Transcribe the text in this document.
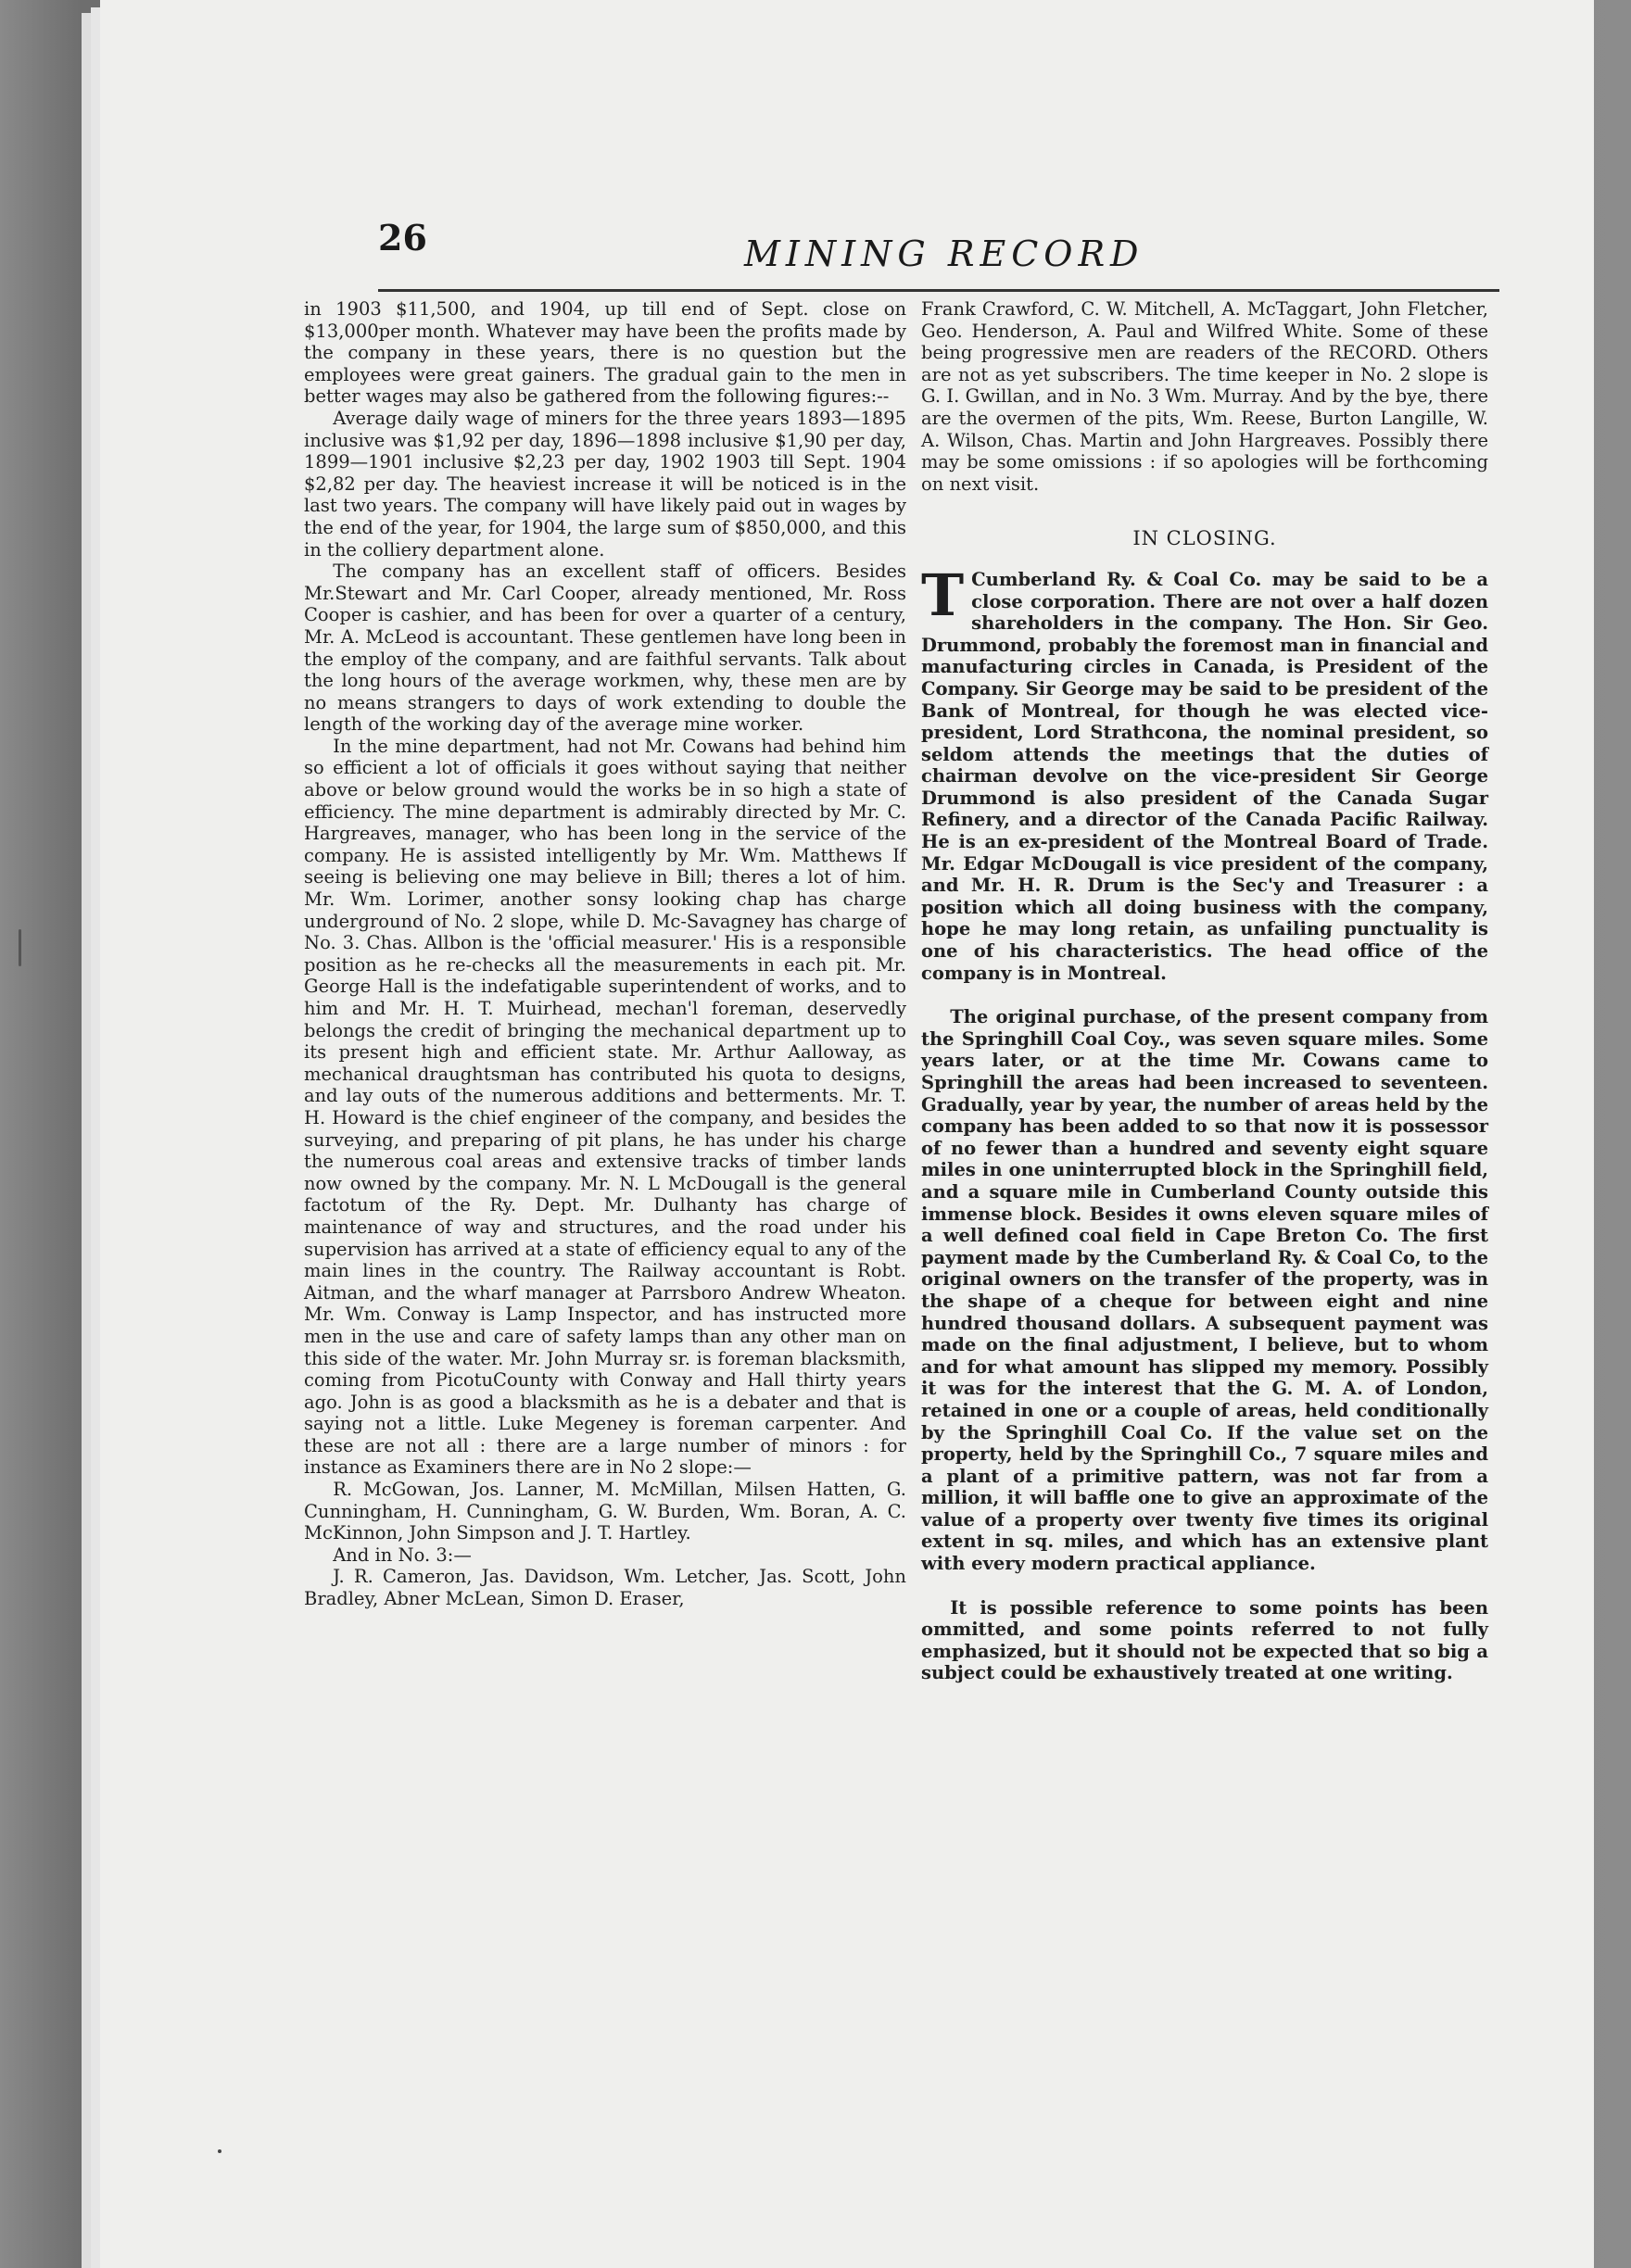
26	MINING RECORD

in 1903 $11,500, and 1904, up till end of Sept. close on $13,000per month. Whatever may have been the profits made by the company in these years, there is no question but the employees were great gainers. The gradual gain to the men in better wages may also be gathered from the following figures:--

Average daily wage of miners for the three years 1893—1895 inclusive was $1,92 per day, 1896—1898 inclusive $1,90 per day, 1899—1901 inclusive $2,23 per day, 1902 1903 till Sept. 1904 $2,82 per day. The heaviest increase it will be noticed is in the last two years. The company will have likely paid out in wages by the end of the year, for 1904, the large sum of $850,000, and this in the colliery department alone.

The company has an excellent staff of officers. Besides Mr.Stewart and Mr. Carl Cooper, already mentioned, Mr. Ross Cooper is cashier, and has been for over a quarter of a century, Mr. A. McLeod is accountant. These gentlemen have long been in the employ of the company, and are faithful servants. Talk about the long hours of the average workmen, why, these men are by no means strangers to days of work extending to double the length of the working day of the average mine worker.

In the mine department, had not Mr. Cowans had behind him so efficient a lot of officials it goes without saying that neither above or below ground would the works be in so high a state of efficiency. The mine department is admirably directed by Mr. C. Hargreaves, manager, who has been long in the service of the company. He is assisted intelligently by Mr. Wm. Matthews If seeing is believing one may believe in Bill; theres a lot of him. Mr. Wm. Lorimer, another sonsy looking chap has charge underground of No. 2 slope, while D. Mc-Savagney has charge of No. 3. Chas. Allbon is the 'official measurer.' His is a responsible position as he re-checks all the measurements in each pit. Mr. George Hall is the indefatigable superintendent of works, and to him and Mr. H. T. Muirhead, mechan'l foreman, deservedly belongs the credit of bringing the mechanical department up to its present high and efficient state. Mr. Arthur Aalloway, as mechanical draughtsman has contributed his quota to designs, and lay outs of the numerous additions and betterments. Mr. T. H. Howard is the chief engineer of the company, and besides the surveying, and preparing of pit plans, he has under his charge the numerous coal areas and extensive tracks of timber lands now owned by the company. Mr. N. L McDougall is the general factotum of the Ry. Dept. Mr. Dulhanty has charge of maintenance of way and structures, and the road under his supervision has arrived at a state of efficiency equal to any of the main lines in the country. The Railway accountant is Robt. Aitman, and the wharf manager at Parrsboro Andrew Wheaton. Mr. Wm. Conway is Lamp Inspector, and has instructed more men in the use and care of safety lamps than any other man on this side of the water. Mr. John Murray sr. is foreman blacksmith, coming from PicotuCounty with Conway and Hall thirty years ago. John is as good a blacksmith as he is a debater and that is saying not a little. Luke Megeney is foreman carpenter. And these are not all : there are a large number of minors : for instance as Examiners there are in No 2 slope:—

R. McGowan, Jos. Lanner, M. McMillan, Milsen Hatten, G. Cunningham, H. Cunningham, G. W. Burden, Wm. Boran, A. C. McKinnon, John Simpson and J. T. Hartley.

And in No. 3:—

J. R. Cameron, Jas. Davidson, Wm. Letcher, Jas. Scott, John Bradley, Abner McLean, Simon D. Eraser,

Frank Crawford, C. W. Mitchell, A. McTaggart, John Fletcher, Geo. Henderson, A. Paul and Wilfred White. Some of these being progressive men are readers of the RECORD. Others are not as yet subscribers. The time keeper in No. 2 slope is G. I. Gwillan, and in No. 3 Wm. Murray. And by the bye, there are the overmen of the pits, Wm. Reese, Burton Langille, W. A. Wilson, Chas. Martin and John Hargreaves. Possibly there may be some omissions : if so apologies will be forthcoming on next visit.

IN CLOSING.

T Cumberland Ry. & Coal Co. may be said to be a close corporation. There are not over a half dozen shareholders in the company. The Hon. Sir Geo. Drummond, probably the foremost man in financial and manufacturing circles in Canada, is President of the Company. Sir George may be said to be president of the Bank of Montreal, for though he was elected vice-president, Lord Strathcona, the nominal president, so seldom attends the meetings that the duties of chairman devolve on the vice-president Sir George Drummond is also president of the Canada Sugar Refinery, and a director of the Canada Pacific Railway. He is an ex-president of the Montreal Board of Trade. Mr. Edgar McDougall is vice president of the company, and Mr. H. R. Drum is the Sec'y and Treasurer : a position which all doing business with the company, hope he may long retain, as unfailing punctuality is one of his characteristics. The head office of the company is in Montreal.

The original purchase, of the present company from the Springhill Coal Coy., was seven square miles. Some years later, or at the time Mr. Cowans came to Springhill the areas had been increased to seventeen. Gradually, year by year, the number of areas held by the company has been added to so that now it is possessor of no fewer than a hundred and seventy eight square miles in one uninterrupted block in the Springhill field, and a square mile in Cumberland County outside this immense block. Besides it owns eleven square miles of a well defined coal field in Cape Breton Co. The first payment made by the Cumberland Ry. & Coal Co, to the original owners on the transfer of the property, was in the shape of a cheque for between eight and nine hundred thousand dollars. A subsequent payment was made on the final adjustment, I believe, but to whom and for what amount has slipped my memory. Possibly it was for the interest that the G. M. A. of London, retained in one or a couple of areas, held conditionally by the Springhill Coal Co. If the value set on the property, held by the Springhill Co., 7 square miles and a plant of a primitive pattern, was not far from a million, it will baffle one to give an approximate of the value of a property over twenty five times its original extent in sq. miles, and which has an extensive plant with every modern practical appliance.

It is possible reference to some points has been ommitted, and some points referred to not fully emphasized, but it should not be expected that so big a subject could be exhaustively treated at one writing.
